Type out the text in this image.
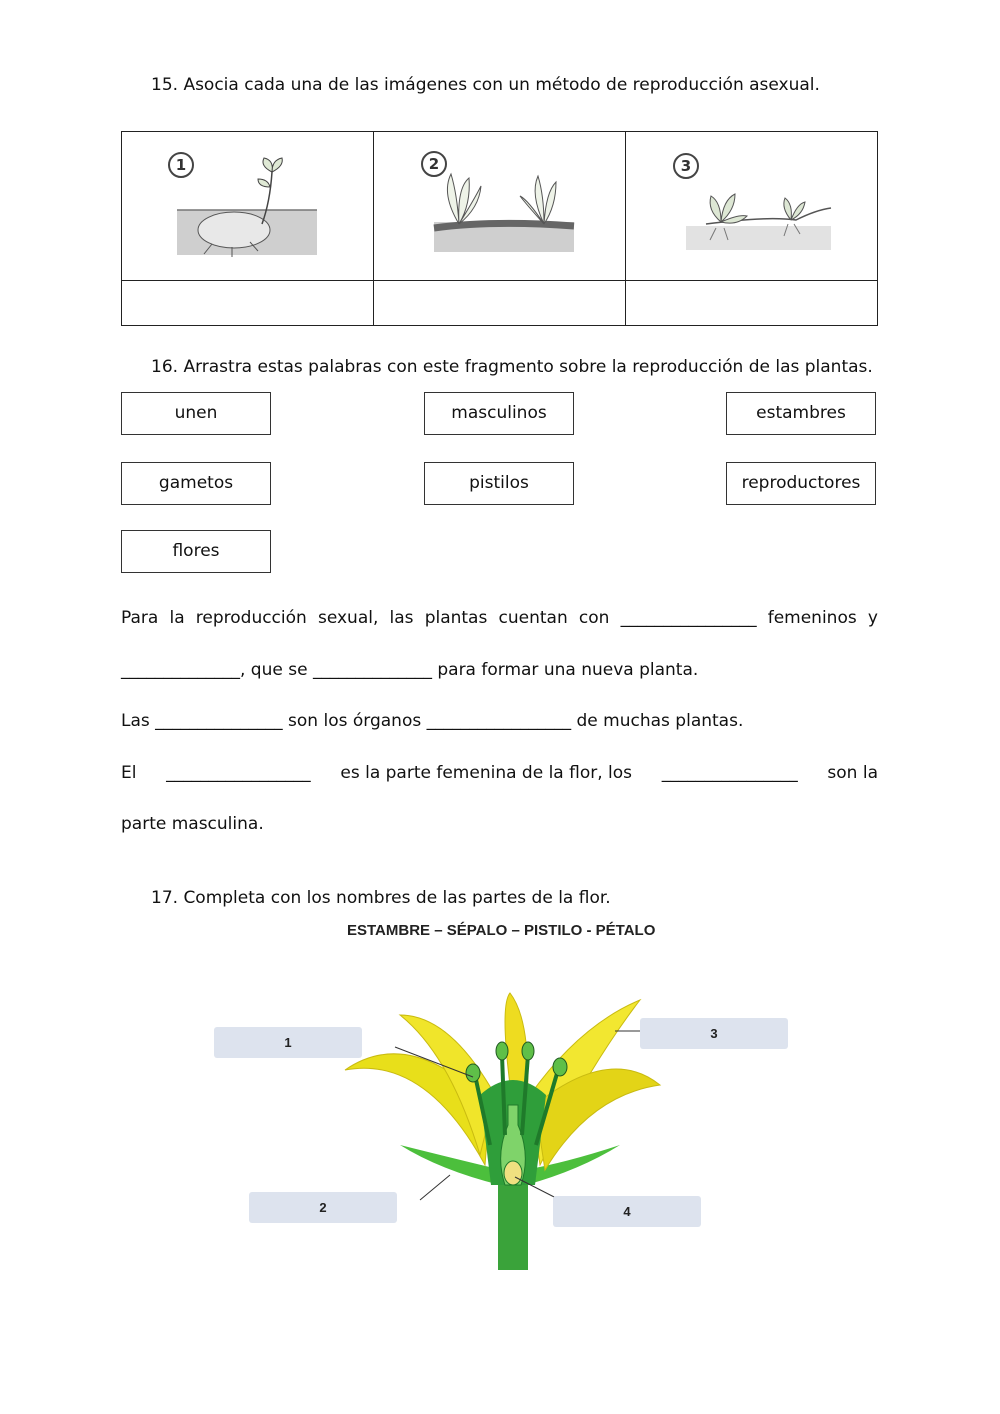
15. Asocia cada una de las imágenes con un método de reproducción asexual.
1	2	3

16. Arrastra estas palabras con este fragmento sobre la reproducción de las plantas.
unen	masculinos	estambres
gametos	pistilos	reproductores
flores
Para la reproducción sexual, las plantas cuentan con ________________ femeninos y
______________, que se ______________ para formar una nueva planta.
Las _______________ son los órganos _________________ de muchas plantas.
El _________________ es la parte femenina de la flor, los ________________ son la
parte masculina.
17. Completa con los nombres de las partes de la flor.
ESTAMBRE – SÉPALO – PISTILO - PÉTALO
1
2
3
4
